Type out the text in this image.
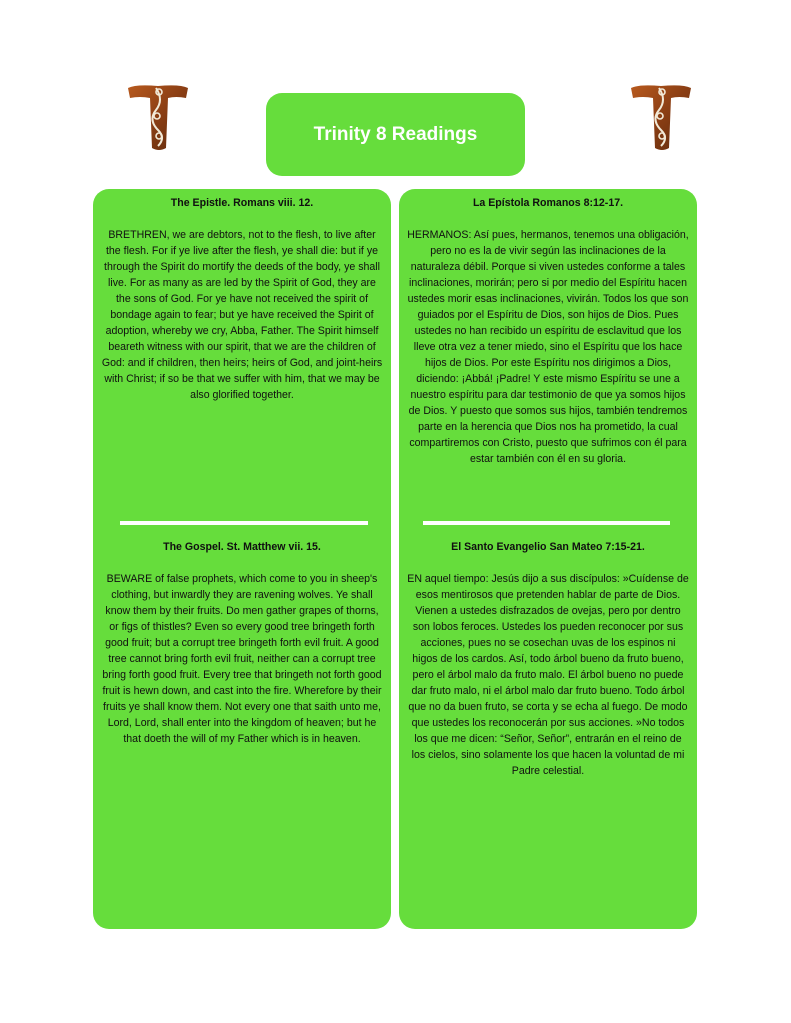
Trinity 8 Readings

The Epistle. Romans viii. 12.

BRETHREN, we are debtors, not to the flesh, to live after the flesh. For if ye live after the flesh, ye shall die: but if ye through the Spirit do mortify the deeds of the body, ye shall live. For as many as are led by the Spirit of God, they are the sons of God. For ye have not received the spirit of bondage again to fear; but ye have received the Spirit of adoption, whereby we cry, Abba, Father. The Spirit himself beareth witness with our spirit, that we are the children of God: and if children, then heirs; heirs of God, and joint-heirs with Christ; if so be that we suffer with him, that we may be also glorified together.

The Gospel. St. Matthew vii. 15.

BEWARE of false prophets, which come to you in sheep's clothing, but inwardly they are ravening wolves. Ye shall know them by their fruits. Do men gather grapes of thorns, or figs of thistles? Even so every good tree bringeth forth good fruit; but a corrupt tree bringeth forth evil fruit. A good tree cannot bring forth evil fruit, neither can a corrupt tree bring forth good fruit. Every tree that bringeth not forth good fruit is hewn down, and cast into the fire. Wherefore by their fruits ye shall know them. Not every one that saith unto me, Lord, Lord, shall enter into the kingdom of heaven; but he that doeth the will of my Father which is in heaven.

La Epístola Romanos 8:12-17.

HERMANOS: Así pues, hermanos, tenemos una obligación, pero no es la de vivir según las inclinaciones de la naturaleza débil. Porque si viven ustedes conforme a tales inclinaciones, morirán; pero si por medio del Espíritu hacen ustedes morir esas inclinaciones, vivirán. Todos los que son guiados por el Espíritu de Dios, son hijos de Dios. Pues ustedes no han recibido un espíritu de esclavitud que los lleve otra vez a tener miedo, sino el Espíritu que los hace hijos de Dios. Por este Espíritu nos dirigimos a Dios, diciendo: ¡Abbá! ¡Padre! Y este mismo Espíritu se une a nuestro espíritu para dar testimonio de que ya somos hijos de Dios. Y puesto que somos sus hijos, también tendremos parte en la herencia que Dios nos ha prometido, la cual compartiremos con Cristo, puesto que sufrimos con él para estar también con él en su gloria.

El Santo Evangelio San Mateo 7:15-21.

EN aquel tiempo: Jesús dijo a sus discípulos: »Cuídense de esos mentirosos que pretenden hablar de parte de Dios. Vienen a ustedes disfrazados de ovejas, pero por dentro son lobos feroces. Ustedes los pueden reconocer por sus acciones, pues no se cosechan uvas de los espinos ni higos de los cardos. Así, todo árbol bueno da fruto bueno, pero el árbol malo da fruto malo. El árbol bueno no puede dar fruto malo, ni el árbol malo dar fruto bueno. Todo árbol que no da buen fruto, se corta y se echa al fuego. De modo que ustedes los reconocerán por sus acciones. »No todos los que me dicen: “Señor, Señor”, entrarán en el reino de los cielos, sino solamente los que hacen la voluntad de mi Padre celestial.
